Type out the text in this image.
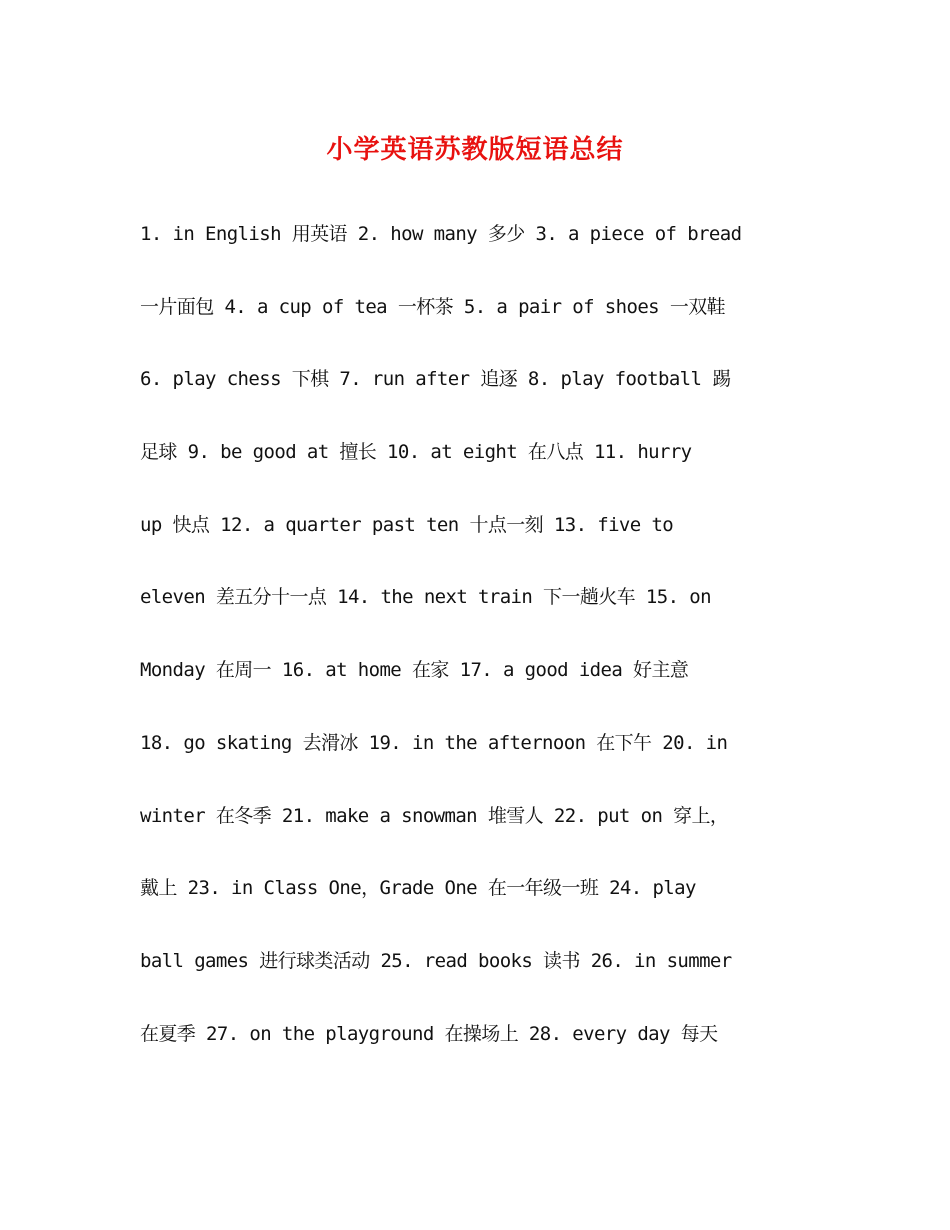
小学英语苏教版短语总结
1. in English 用英语 2. how many 多少 3. a piece of bread
一片面包 4. a cup of tea 一杯茶 5. a pair of shoes 一双鞋
6. play chess 下棋 7. run after 追逐 8. play football 踢
足球 9. be good at 擅长 10. at eight 在八点 11. hurry
up 快点 12. a quarter past ten 十点一刻 13. five to
eleven 差五分十一点 14. the next train 下一趟火车 15. on
Monday 在周一 16. at home 在家 17. a good idea 好主意
18. go skating 去滑冰 19. in the afternoon 在下午 20. in
winter 在冬季 21. make a snowman 堆雪人 22. put on 穿上，
戴上 23. in Class One，Grade One 在一年级一班 24. play
ball games 进行球类活动 25. read books 读书 26. in summer
在夏季 27. on the playground 在操场上 28. every day 每天
